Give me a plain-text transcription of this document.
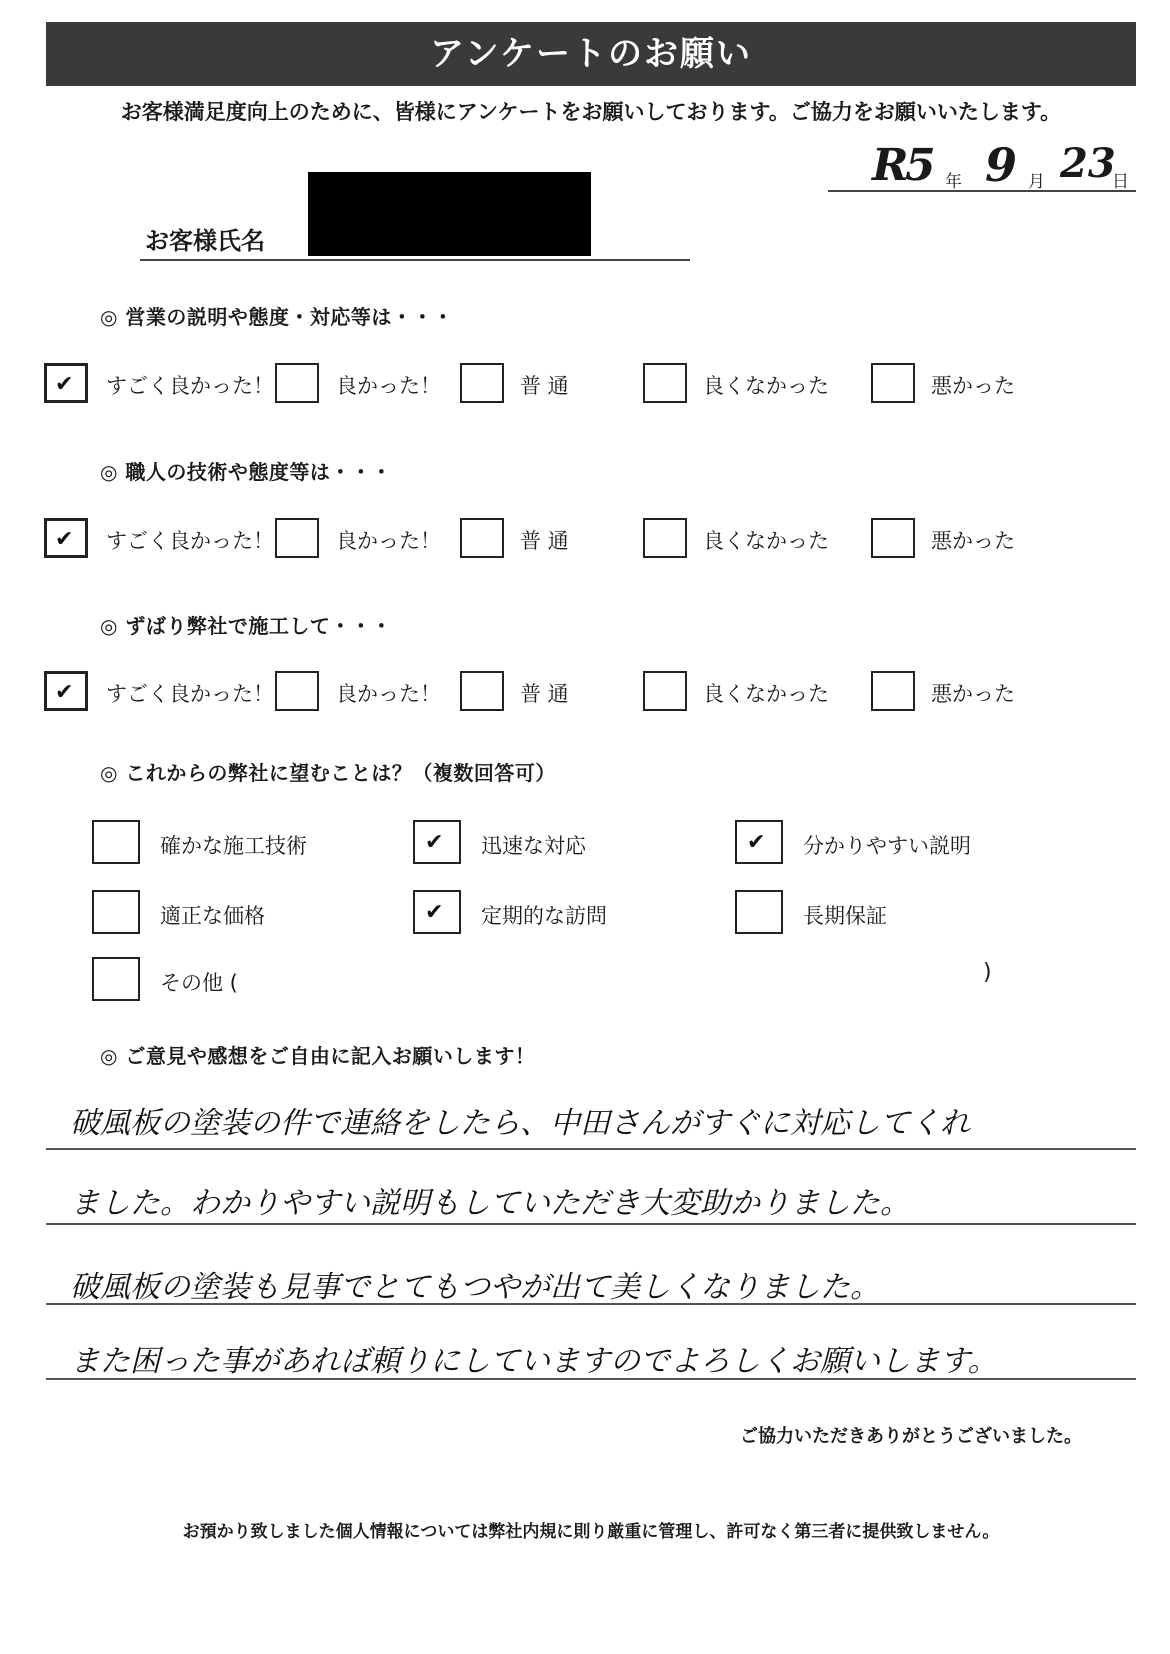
アンケートのお願い
お客様満足度向上のために、皆様にアンケートをお願いしております。ご協力をお願いいたします。
R
5 年 9 月 23
日
お客様氏名
◎ 営業の説明や態度・対応等は・・・
✔ すごく良かった！	良かった！	普 通	良くなかった	悪かった
◎ 職人の技術や態度等は・・・
✔ すごく良かった！	良かった！	普 通	良くなかった	悪かった
◎ ずばり弊社で施工して・・・
✔ すごく良かった！	良かった！	普 通	良くなかった	悪かった
◎ これからの弊社に望むことは？（複数回答可）
確かな施工技術	✔ 迅速な対応	✔ 分かりやすい説明
適正な価格	✔ 定期的な訪問	長期保証
その他 (	)
◎ ご意見や感想をご自由に記入お願いします！
破風板の塗装の件で連絡をしたら、中田さんがすぐに対応してくれ
ました。わかりやすい説明もしていただき大変助かりました。
破風板の塗装も見事でとてもつやが出て美しくなりました。
また困った事があれば頼りにしていますのでよろしくお願いします。
ご協力いただきありがとうございました。
お預かり致しました個人情報については弊社内規に則り厳重に管理し、許可なく第三者に提供致しません。
